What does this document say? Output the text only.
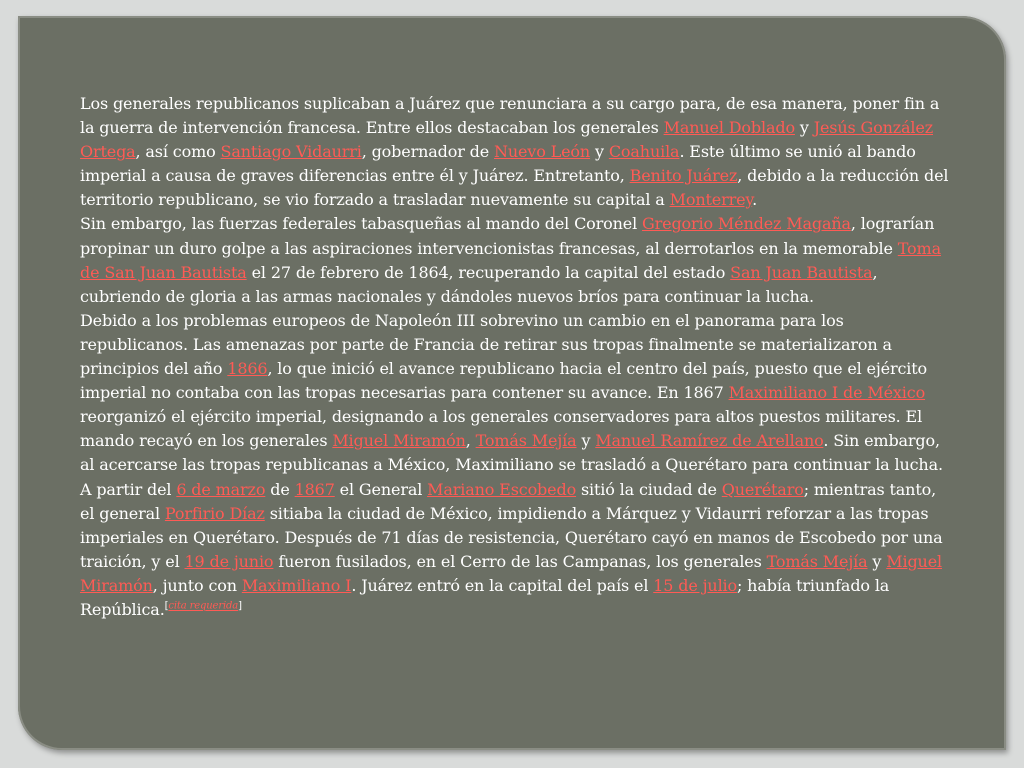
Los generales republicanos suplicaban a Juárez que renunciara a su cargo para, de esa manera, poner fin a la guerra de intervención francesa. Entre ellos destacaban los generales Manuel Doblado y Jesús González Ortega, así como Santiago Vidaurri, gobernador de Nuevo León y Coahuila. Este último se unió al bando imperial a causa de graves diferencias entre él y Juárez. Entretanto, Benito Juárez, debido a la reducción del territorio republicano, se vio forzado a trasladar nuevamente su capital a Monterrey.

Sin embargo, las fuerzas federales tabasqueñas al mando del Coronel Gregorio Méndez Magaña, lograrían propinar un duro golpe a las aspiraciones intervencionistas francesas, al derrotarlos en la memorable Toma de San Juan Bautista el 27 de febrero de 1864, recuperando la capital del estado San Juan Bautista, cubriendo de gloria a las armas nacionales y dándoles nuevos bríos para continuar la lucha.

Debido a los problemas europeos de Napoleón III sobrevino un cambio en el panorama para los republicanos. Las amenazas por parte de Francia de retirar sus tropas finalmente se materializaron a principios del año 1866, lo que inició el avance republicano hacia el centro del país, puesto que el ejército imperial no contaba con las tropas necesarias para contener su avance. En 1867 Maximiliano I de México reorganizó el ejército imperial, designando a los generales conservadores para altos puestos militares. El mando recayó en los generales Miguel Miramón, Tomás Mejía y Manuel Ramírez de Arellano. Sin embargo, al acercarse las tropas republicanas a México, Maximiliano se trasladó a Querétaro para continuar la lucha.

A partir del 6 de marzo de 1867 el General Mariano Escobedo sitió la ciudad de Querétaro; mientras tanto, el general Porfirio Díaz sitiaba la ciudad de México, impidiendo a Márquez y Vidaurri reforzar a las tropas imperiales en Querétaro. Después de 71 días de resistencia, Querétaro cayó en manos de Escobedo por una traición, y el 19 de junio fueron fusilados, en el Cerro de las Campanas, los generales Tomás Mejía y Miguel Miramón, junto con Maximiliano I. Juárez entró en la capital del país el 15 de julio; había triunfado la República.[cita requerida]
